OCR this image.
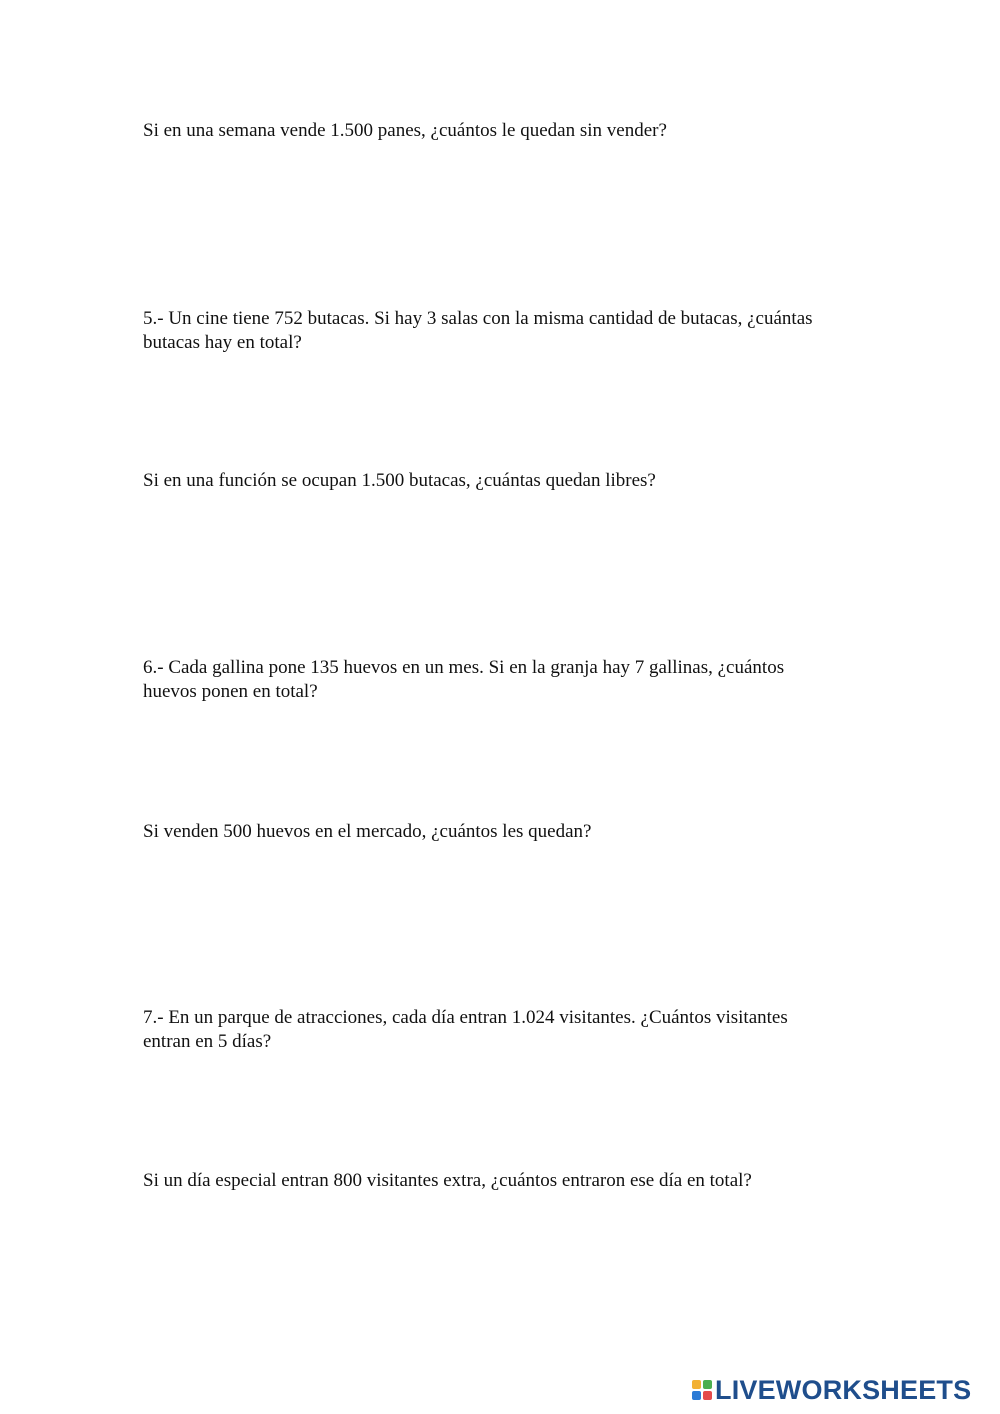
Si en una semana vende 1.500 panes, ¿cuántos le quedan sin vender?

5.- Un cine tiene 752 butacas. Si hay 3 salas con la misma cantidad de butacas, ¿cuántas
butacas hay en total?

Si en una función se ocupan 1.500 butacas, ¿cuántas quedan libres?

6.- Cada gallina pone 135 huevos en un mes. Si en la granja hay 7 gallinas, ¿cuántos
huevos ponen en total?

Si venden 500 huevos en el mercado, ¿cuántos les quedan?

7.- En un parque de atracciones, cada día entran 1.024 visitantes. ¿Cuántos visitantes
entran en 5 días?

Si un día especial entran 800 visitantes extra, ¿cuántos entraron ese día en total?

LIVEWORKSHEETS
